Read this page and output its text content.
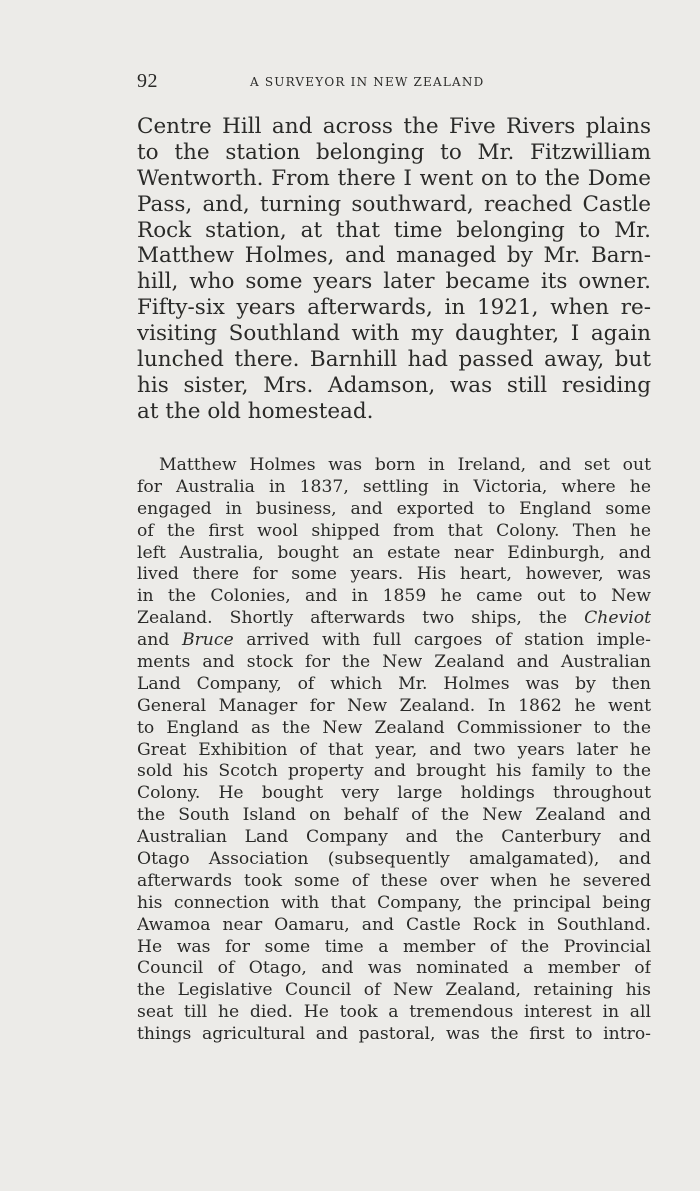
92	A SURVEYOR IN NEW ZEALAND
Centre Hill and across the Five Rivers plains
to the station belonging to Mr. Fitzwilliam
Wentworth. From there I went on to the Dome
Pass, and, turning southward, reached Castle
Rock station, at that time belonging to Mr.
Matthew Holmes, and managed by Mr. Barn-
hill, who some years later became its owner.
Fifty-six years afterwards, in 1921, when re-
visiting Southland with my daughter, I again
lunched there. Barnhill had passed away, but
his sister, Mrs. Adamson, was still residing
at the old homestead.
Matthew Holmes was born in Ireland, and set out
for Australia in 1837, settling in Victoria, where he
engaged in business, and exported to England some
of the first wool shipped from that Colony. Then he
left Australia, bought an estate near Edinburgh, and
lived there for some years. His heart, however, was
in the Colonies, and in 1859 he came out to New
Zealand. Shortly afterwards two ships, the Cheviot
and Bruce arrived with full cargoes of station imple-
ments and stock for the New Zealand and Australian
Land Company, of which Mr. Holmes was by then
General Manager for New Zealand. In 1862 he went
to England as the New Zealand Commissioner to the
Great Exhibition of that year, and two years later he
sold his Scotch property and brought his family to the
Colony. He bought very large holdings throughout
the South Island on behalf of the New Zealand and
Australian Land Company and the Canterbury and
Otago Association (subsequently amalgamated), and
afterwards took some of these over when he severed
his connection with that Company, the principal being
Awamoa near Oamaru, and Castle Rock in Southland.
He was for some time a member of the Provincial
Council of Otago, and was nominated a member of
the Legislative Council of New Zealand, retaining his
seat till he died. He took a tremendous interest in all
things agricultural and pastoral, was the first to intro-
